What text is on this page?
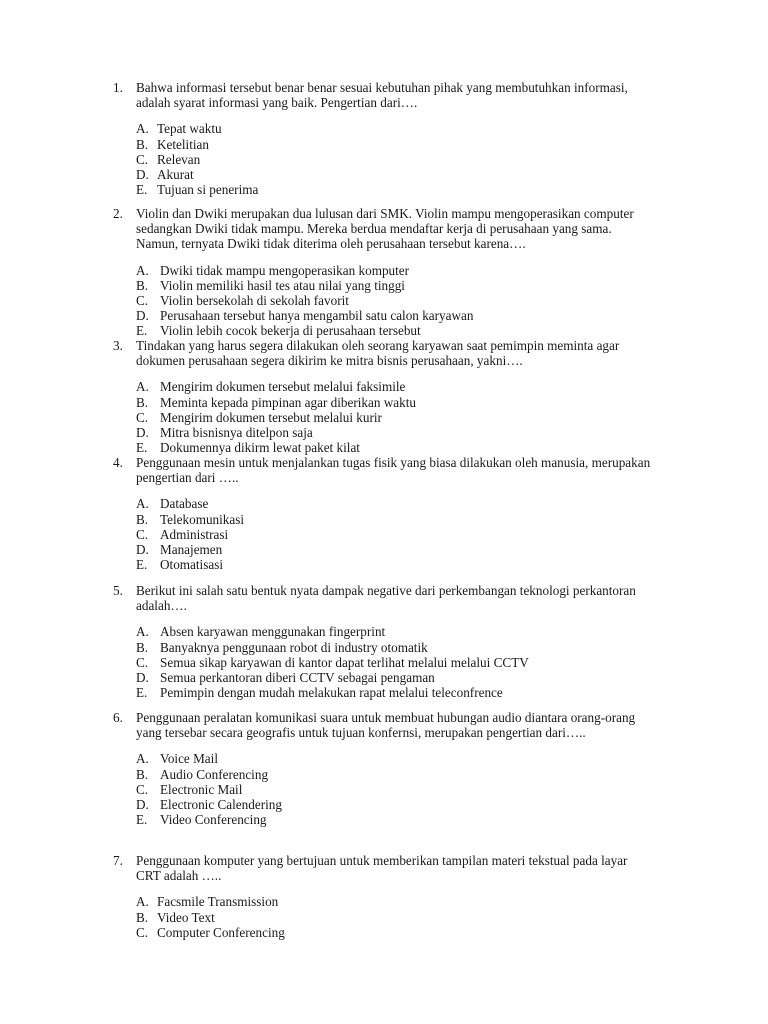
1. Bahwa informasi tersebut benar benar sesuai kebutuhan pihak yang membutuhkan informasi, adalah syarat informasi yang baik. Pengertian dari….
A. Tepat waktu
B. Ketelitian
C. Relevan
D. Akurat
E. Tujuan si penerima
2. Violin dan Dwiki merupakan dua lulusan dari SMK. Violin mampu mengoperasikan computer sedangkan Dwiki tidak mampu. Mereka berdua mendaftar kerja di perusahaan yang sama. Namun, ternyata Dwiki tidak diterima oleh perusahaan tersebut karena….
A. Dwiki tidak mampu mengoperasikan komputer
B. Violin memiliki hasil tes atau nilai yang tinggi
C. Violin bersekolah di sekolah favorit
D. Perusahaan tersebut hanya mengambil satu calon karyawan
E. Violin lebih cocok bekerja di perusahaan tersebut
3. Tindakan yang harus segera dilakukan oleh seorang karyawan saat pemimpin meminta agar dokumen perusahaan segera dikirim ke mitra bisnis perusahaan, yakni….
A. Mengirim dokumen tersebut melalui faksimile
B. Meminta kepada pimpinan agar diberikan waktu
C. Mengirim dokumen tersebut melalui kurir
D. Mitra bisnisnya ditelpon saja
E. Dokumennya dikirm lewat paket kilat
4. Penggunaan mesin untuk menjalankan tugas fisik yang biasa dilakukan oleh manusia, merupakan pengertian dari …..
A. Database
B. Telekomunikasi
C. Administrasi
D. Manajemen
E. Otomatisasi
5. Berikut ini salah satu bentuk nyata dampak negative dari perkembangan teknologi perkantoran adalah….
A. Absen karyawan menggunakan fingerprint
B. Banyaknya penggunaan robot di industry otomatik
C. Semua sikap karyawan di kantor dapat terlihat melalui melalui CCTV
D. Semua perkantoran diberi CCTV sebagai pengaman
E. Pemimpin dengan mudah melakukan rapat melalui teleconfrence
6. Penggunaan peralatan komunikasi suara untuk membuat hubungan audio diantara orang-orang yang tersebar secara geografis untuk tujuan konfernsi, merupakan pengertian dari…..
A. Voice Mail
B. Audio Conferencing
C. Electronic Mail
D. Electronic Calendering
E. Video Conferencing
7. Penggunaan komputer yang bertujuan untuk memberikan tampilan materi tekstual pada layar CRT adalah …..
A. Facsmile Transmission
B. Video Text
C. Computer Conferencing
